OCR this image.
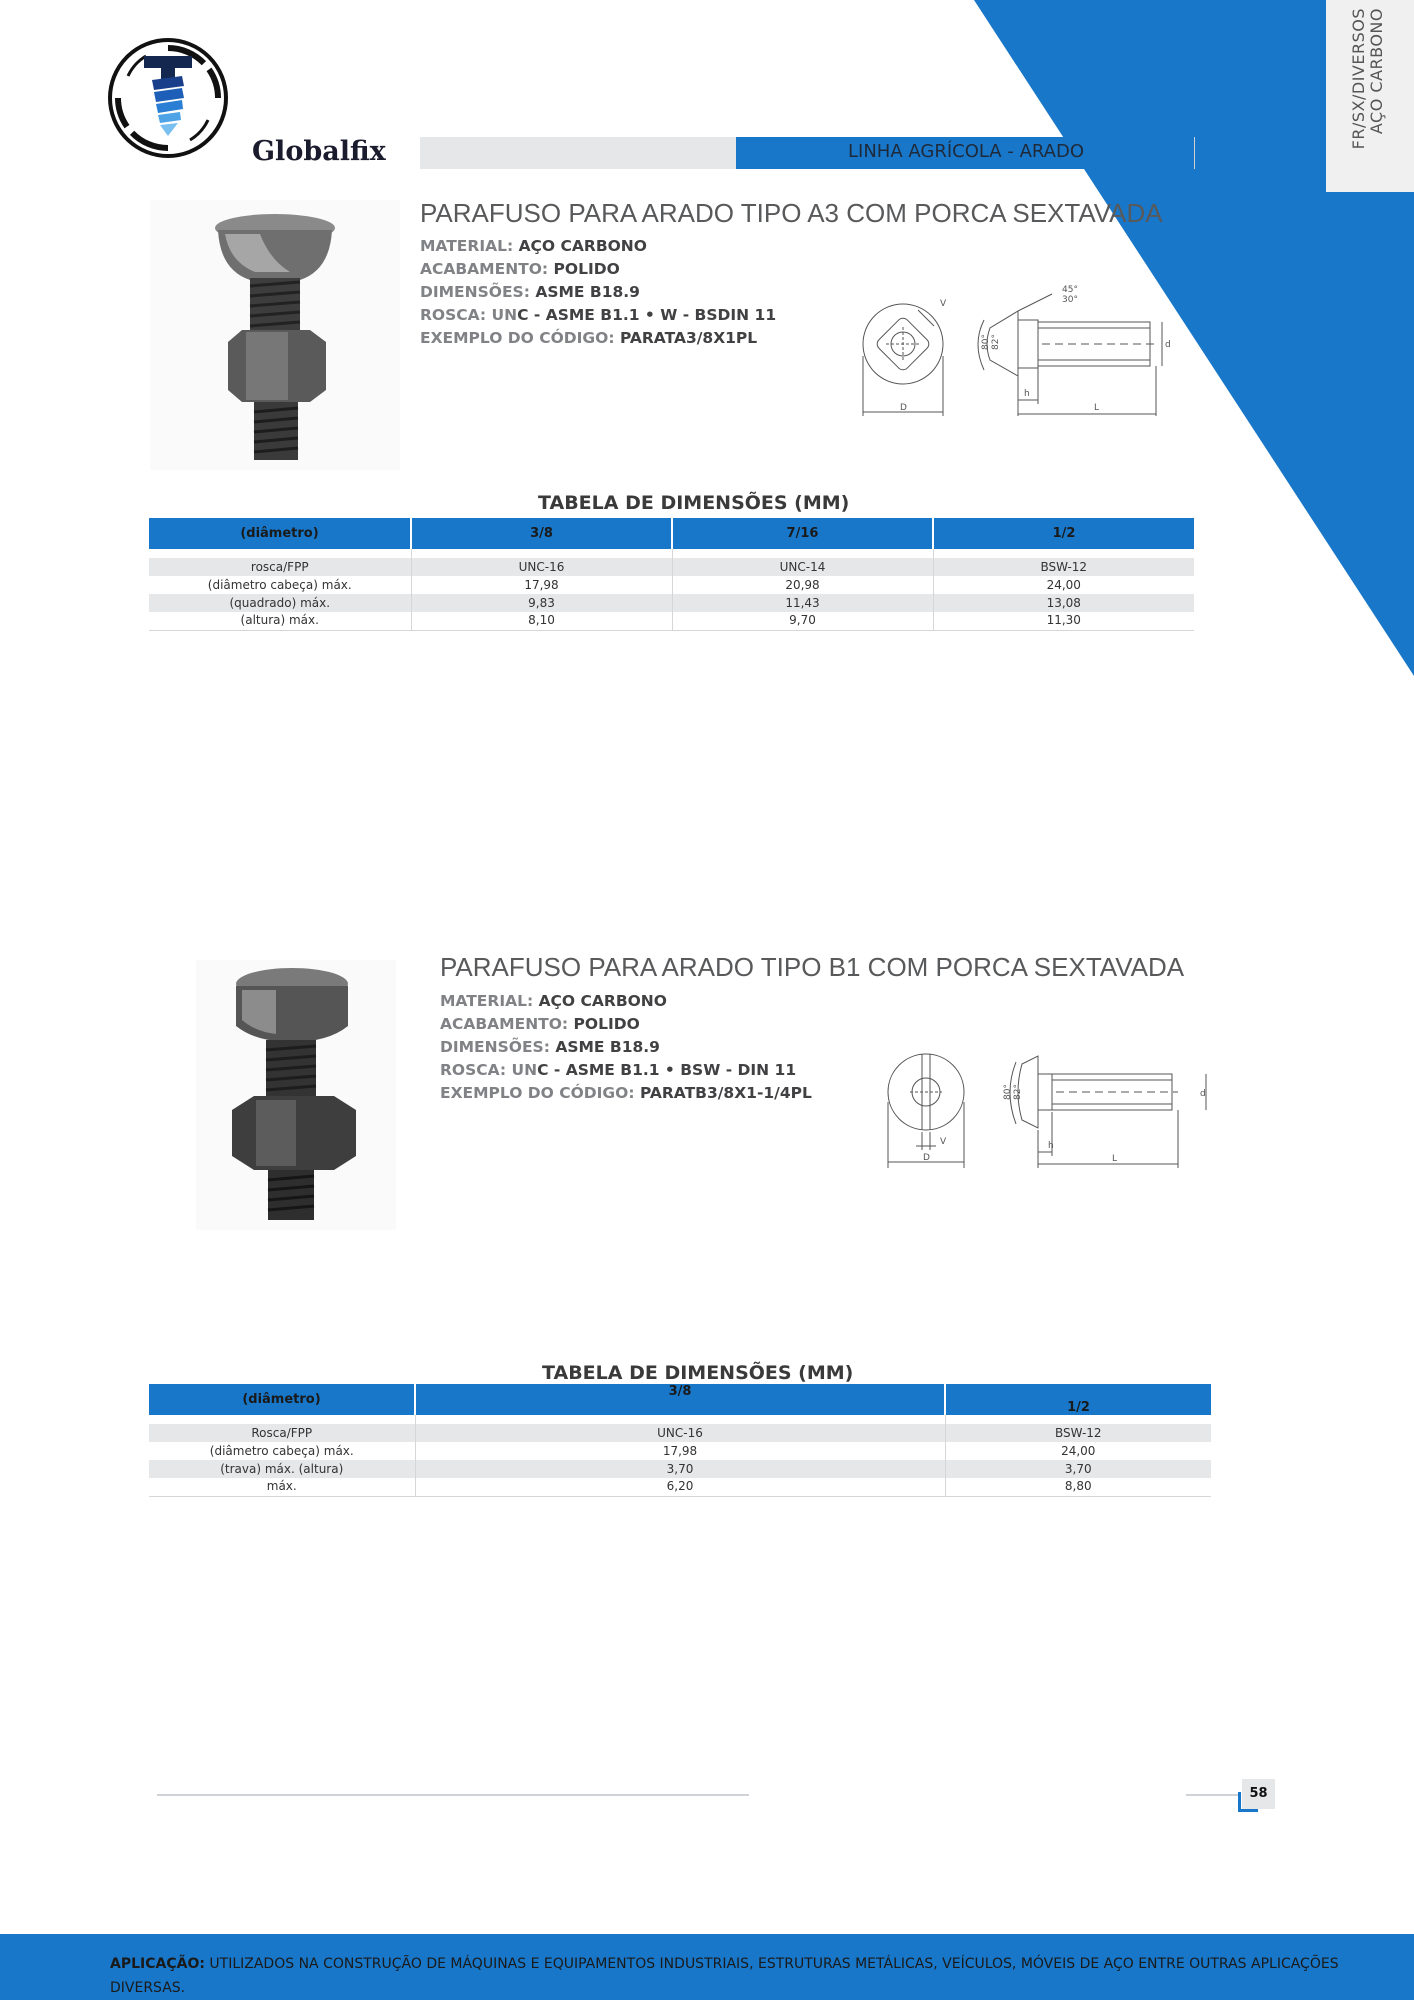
AÇO CARBONO
FR/SX/DIVERSOS
Globalfix	LINHA AGRÍCOLA - ARADO
PARAFUSO PARA ARADO TIPO A3 COM PORCA SEXTAVADA
MATERIAL: AÇO CARBONO
ACABAMENTO: POLIDO
DIMENSÕES: ASME B18.9
ROSCA: UNC - ASME B1.1 • W - BSDIN 11
EXEMPLO DO CÓDIGO: PARATA3/8X1PL
D
V
80° 82°
45°
30°
h
L
d
TABELA DE DIMENSÕES (MM)
(diâmetro)	3/8	7/16	1/2

rosca/FPP	UNC-16	UNC-14	BSW-12
(diâmetro cabeça) máx.	17,98	20,98	24,00
(quadrado) máx.	9,83	11,43	13,08
(altura) máx.	8,10	9,70	11,30
PARAFUSO PARA ARADO TIPO B1 COM PORCA SEXTAVADA
MATERIAL: AÇO CARBONO
ACABAMENTO: POLIDO
DIMENSÕES: ASME B18.9
ROSCA: UNC - ASME B1.1 • BSW - DIN 11
EXEMPLO DO CÓDIGO: PARATB3/8X1-1/4PL
D
V
80° 82°
h
L
d
TABELA DE DIMENSÕES (MM)
(diâmetro)	3/8	1/2

Rosca/FPP	UNC-16	BSW-12
(diâmetro cabeça) máx.	17,98	24,00
(trava) máx. (altura)	3,70	3,70
máx.	6,20	8,80
58
APLICAÇÃO: UTILIZADOS NA CONSTRUÇÃO DE MÁQUINAS E EQUIPAMENTOS INDUSTRIAIS, ESTRUTURAS METÁLICAS, VEÍCULOS, MÓVEIS DE AÇO ENTRE OUTRAS APLICAÇÕES DIVERSAS.
